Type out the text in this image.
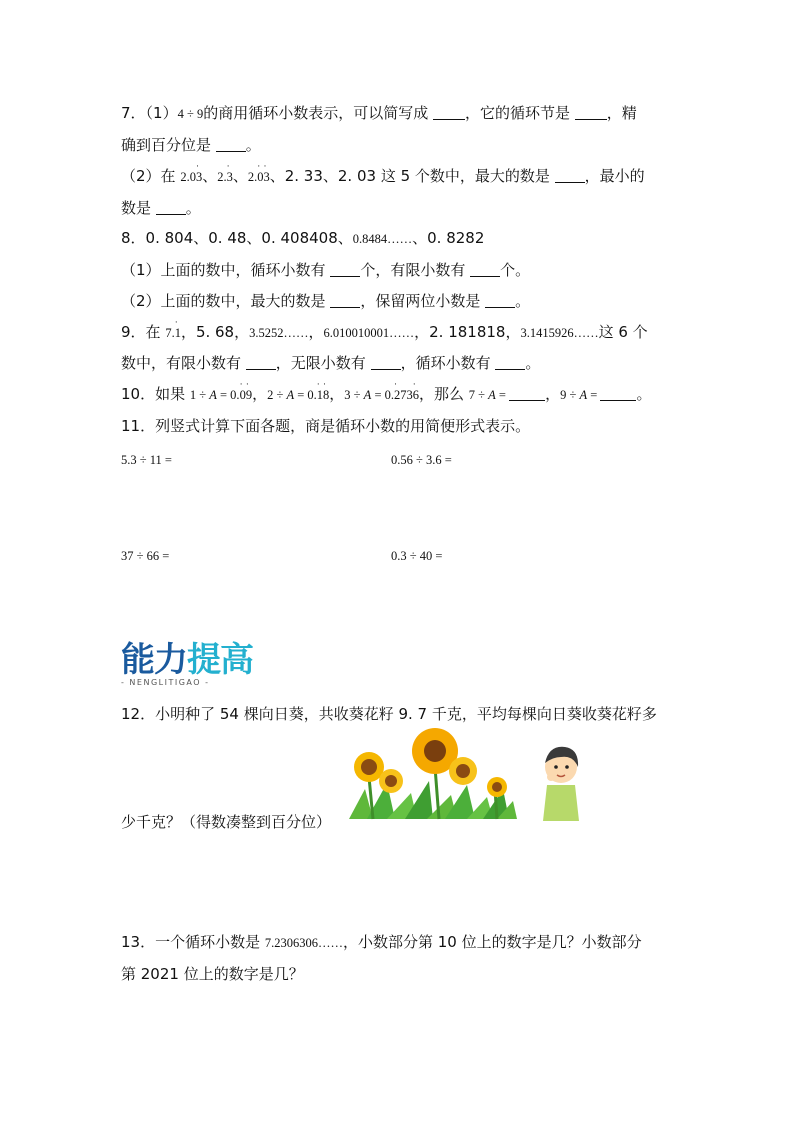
7．（1）4 ÷ 9的商用循环小数表示，可以简写成 ，它的循环节是 ，精
确到百分位是 。
（2）在 2.0
·
3、2.
·
3、2.
·
0
·
3、2. 33、2. 03 这 5 个数中，最大的数是 ，最小的
数是 。
8．0. 804、0. 48、0. 408408、0.8484……、0. 8282
（1）上面的数中，循环小数有 个，有限小数有 个。
（2）上面的数中，最大的数是 ，保留两位小数是 。
9．在 7.
·
1，5. 68，3.5252……，6.010010001……，2. 181818，3.1415926……这 6 个
数中，有限小数有 ，无限小数有 ，循环小数有 。
10．如果 1 ÷ A = 0.
·
0
·
9，2 ÷ A = 0.
·
1
·
8，3 ÷ A = 0.
·
273
·
6，那么 7 ÷ A = ，9 ÷ A = 。
11．列竖式计算下面各题，商是循环小数的用简便形式表示。
5.3 ÷ 11 =	0.56 ÷ 3.6 =
37 ÷ 66 =	0.3 ÷ 40 =
能力提高
- NENGLITIGAO -
12．小明种了 54 棵向日葵，共收葵花籽 9. 7 千克，平均每棵向日葵收葵花籽多
少千克？（得数凑整到百分位）
13．一个循环小数是 7.2306306……，小数部分第 10 位上的数字是几？小数部分
第 2021 位上的数字是几？
